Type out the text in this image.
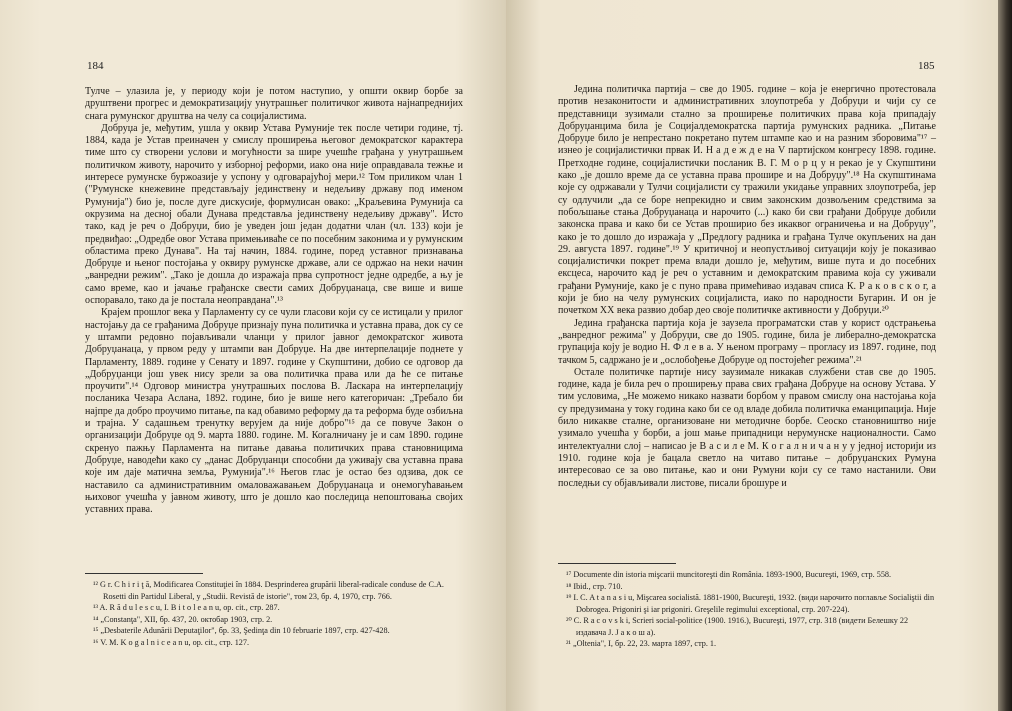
184

Тулче – улазила је, у периоду који је потом наступио, у општи оквир борбе за друштвени прогрес и демократизацију унутрашњег политичког живота најнапреднијих снага румунског друштва на челу са социјалистима.

Добруџа је, међутим, ушла у оквир Устава Румуније тек после четири године, тј. 1884, када је Устав преиначен у смислу проширења његовог демократског карактера тиме што су створени услови и могућности за шире учешће грађана у унутрашњем политичком животу, нарочито у изборној реформи, иако она није оправдавала тежње и интересе румунске буржоазије у успону у одговарајућој мери.¹² Том приликом члан 1 ("Румунске кнежевине представљају јединствену и недељиву државу под именом Румунија") био је, после дуге дискусије, формулисан овако: „Краљевина Румунија са окрузима на десној обали Дунава представља јединствену недељиву државу". Исто тако, кад је реч о Добруџи, био је уведен још један додатни члан (чл. 133) који је предвиђао: „Одредбе овог Устава примењиваће се по посебним законима и у румунским областима преко Дунава". На тај начин, 1884. године, поред уставног признавања Добруџе и њеног постојања у оквиру румунске државе, али се одржао на неки начин „ванредни режим". „Тако је дошла до изражаја прва супротност једне одредбе, а њу је само време, као и јачање грађанске свести самих Добруџанаца, све више и више оспоравало, тако да је постала неоправдана".¹³

Крајем прошлог века у Парламенту су се чули гласови који су се истицали у прилог настојању да се грађанима Добруџе признају пуна политичка и уставна права, док су се у штампи редовно појављивали чланци у прилог јавног демократског живота Добруџанаца, у првом реду у штампи ван Добруџе. На две интерпелације поднете у Парламенту, 1889. године у Сенату и 1897. године у Скупштини, добио се одговор да „Добруџанци још увек нису зрели за ова политичка права или да ће се питање проучити".¹⁴ Одговор министра унутрашњих послова В. Ласкара на интерпелацију посланика Чезара Аслана, 1892. године, био је више него категоричан: „Требало би најпре да добро проучимо питање, па кад обавимо реформу да та реформа буде озбиљна и трајна. У садашњем тренутку верујем да није добро"¹⁵ да се повуче Закон о организацији Добруџе од 9. марта 1880. године. М. Когалничану је и сам 1890. године скренуо пажњу Парламента на питање давања политичких права становницима Добруџе, наводећи како су „данас Добруџанци способни да уживају сва уставна права које им даје матична земља, Румунија".¹⁶ Његов глас је остао без одзива, док се наставило са административним омаловажавањем Добруџанаца и онемогућавањем њиховог учешћа у јавном животу, што је дошло као последица непоштовања својих уставних права.

¹² G r. C h i r i ţ ă, Modificarea Constituţiei în 1884. Desprinderea grupării liberal-radicale conduse de C.A. Rosetti din Partidul Liberal, у „Studii. Revistă de istorie", том 23, бр. 4, 1970, стр. 766.
¹³ A. R ă d u l e s c u, I. B i t o l e a n u, op. cit., стр. 287.
¹⁴ „Constanţa", XII, бр. 437, 20. октобар 1903, стр. 2.
¹⁵ „Desbaterile Adunării Deputaţilor", бр. 33, Şedinţa din 10 februarie 1897, стр. 427-428.
¹⁶ V. M. K o g a l n i c e a n u, op. cit., стр. 127.
185

Једина политичка партија – све до 1905. године – која је енергично протестовала против незаконитости и административних злоупотреба у Добруџи и чији су се представници зузимали стално за проширење политичких права која припадају Добруџанцима била је Социјалдемократска партија румунских радника. „Питање Добруџе било је непрестано покретано путем штампе као и на разним зборовима"¹⁷ – изнео је социјалистички првак И. Н а д е ж д е на V партијском конгресу 1898. године. Претходне године, социјалистички посланик В. Г. М о р ц у н рекао је у Скупштини како „је дошло време да се уставна права прошире и на Добруџу".¹⁸ На скупштинама које су одржавали у Тулчи социјалисти су тражили укидање управних злоупотреба, јер су одлучили „да се боре непрекидно и свим законским дозвољеним средствима за побољшање стања Добруџанаца и нарочито (...) како би сви грађани Добруџе добили законска права и како би се Устав проширио без икаквог ограничења и на Добруџу", како је то дошло до изражаја у „Предлогу радника и грађана Тулче окупљених на дан 29. августа 1897. године".¹⁹ У критичној и неопустљивој ситуацији коју је показивао социјалистички покрет према влади дошло је, међутим, више пута и до посебних ексцеса, нарочито кад је реч о уставним и демократским правима која су уживали грађани Румуније, како је с пуно права примећивао издавач списа К. Р а к о в с к о г, а који је био на челу румунских социјалиста, иако по народности Бугарин. И он је почетком XX века развио добар део своје политичке активности у Добруџи.²⁰

Једина грађанска партија која је заузела програматски став у корист одстрањења „ванредног режима" у Добруџи, све до 1905. године, била је либерално-демократска групација коју је водио Н. Ф л е в а. У њеном програму – прогласу из 1897. године, под тачком 5, садржано је и „ослобођење Добруџе од постојећег режима".²¹

Остале политичке партије нису заузимале никакав службени став све до 1905. године, када је била реч о проширењу права свих грађана Добруџе на основу Устава. У тим условима, „Не можемо никако назвати борбом у правом смислу она настојања која су предузимана у току година како би се од владе добила политичка еманципација. Није било никакве сталне, организоване ни методичне борбе. Сеоско становништво није узимало учешћа у борби, а још мање припадници нерумунске националности. Само интелектуални слој – написао је В а с и л е М. К о г а л н и ч а н у у једној историји из 1910. године која је бацала светло на читаво питање – добруџанских Румуна интересовао се за ово питање, као и они Румуни који су се тамо настанили. Ови последњи су објављивали листове, писали брошуре и

¹⁷ Documente din istoria mişcarii muncitoreşti din România. 1893-1900, Bucureşti, 1969, стр. 558.
¹⁸ Ibid., стр. 710.
¹⁹ I. C. A t a n a s i u, Mişcarea socialistă. 1881-1900, Bucureşti, 1932. (види нарочито поглавље Socialiştii din Dobrogea. Prigoniri şi iar prigoniri. Greşelile regimului exceptional, стр. 207-224).
²⁰ C. R a c o v s k i, Scrieri social-politice (1900. 1916.), Bucureşti, 1977, стр. 318 (видети Белешку 22 издавача Ј. Ј а к о ш а).
²¹ „Oltenia", I, бр. 22, 23. марта 1897, стр. 1.
